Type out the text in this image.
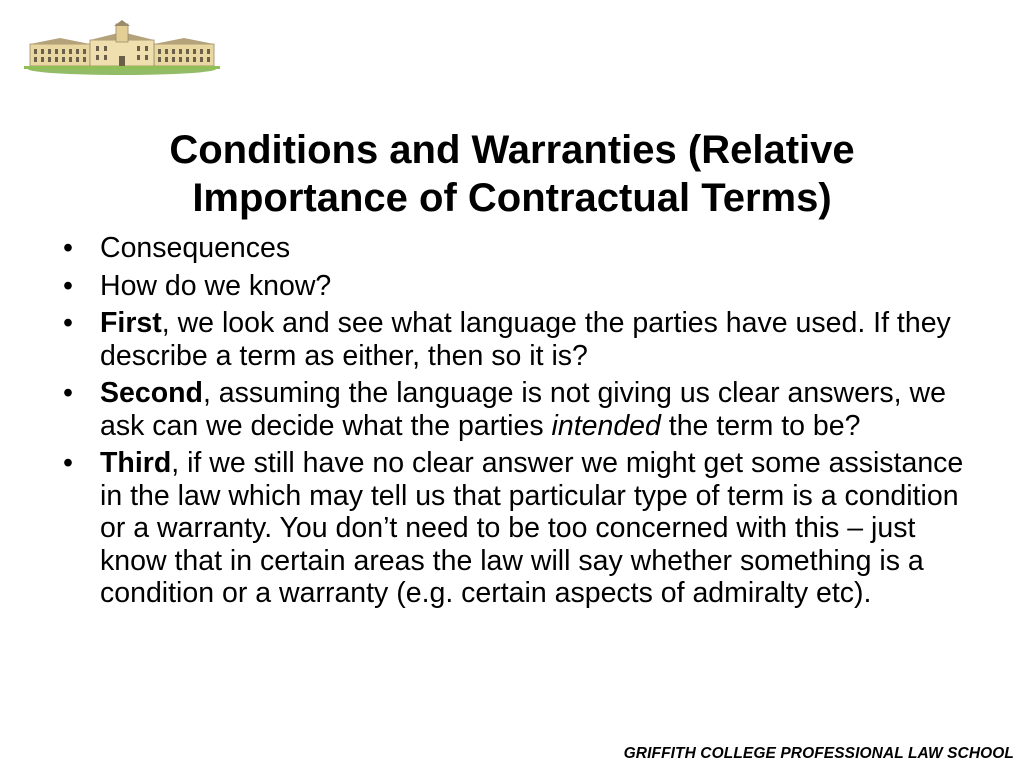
Conditions and Warranties (Relative
Importance of Contractual Terms)
• Consequences
• How do we know?
• First, we look and see what language the parties have used. If they describe a term as either, then so it is?
• Second, assuming the language is not giving us clear answers, we ask can we decide what the parties intended the term to be?
• Third, if we still have no clear answer we might get some assistance in the law which may tell us that particular type of term is a condition or a warranty. You don’t need to be too concerned with this – just know that in certain areas the law will say whether something is a condition or a warranty (e.g. certain aspects of admiralty etc).
GRIFFITH COLLEGE PROFESSIONAL LAW SCHOOL
